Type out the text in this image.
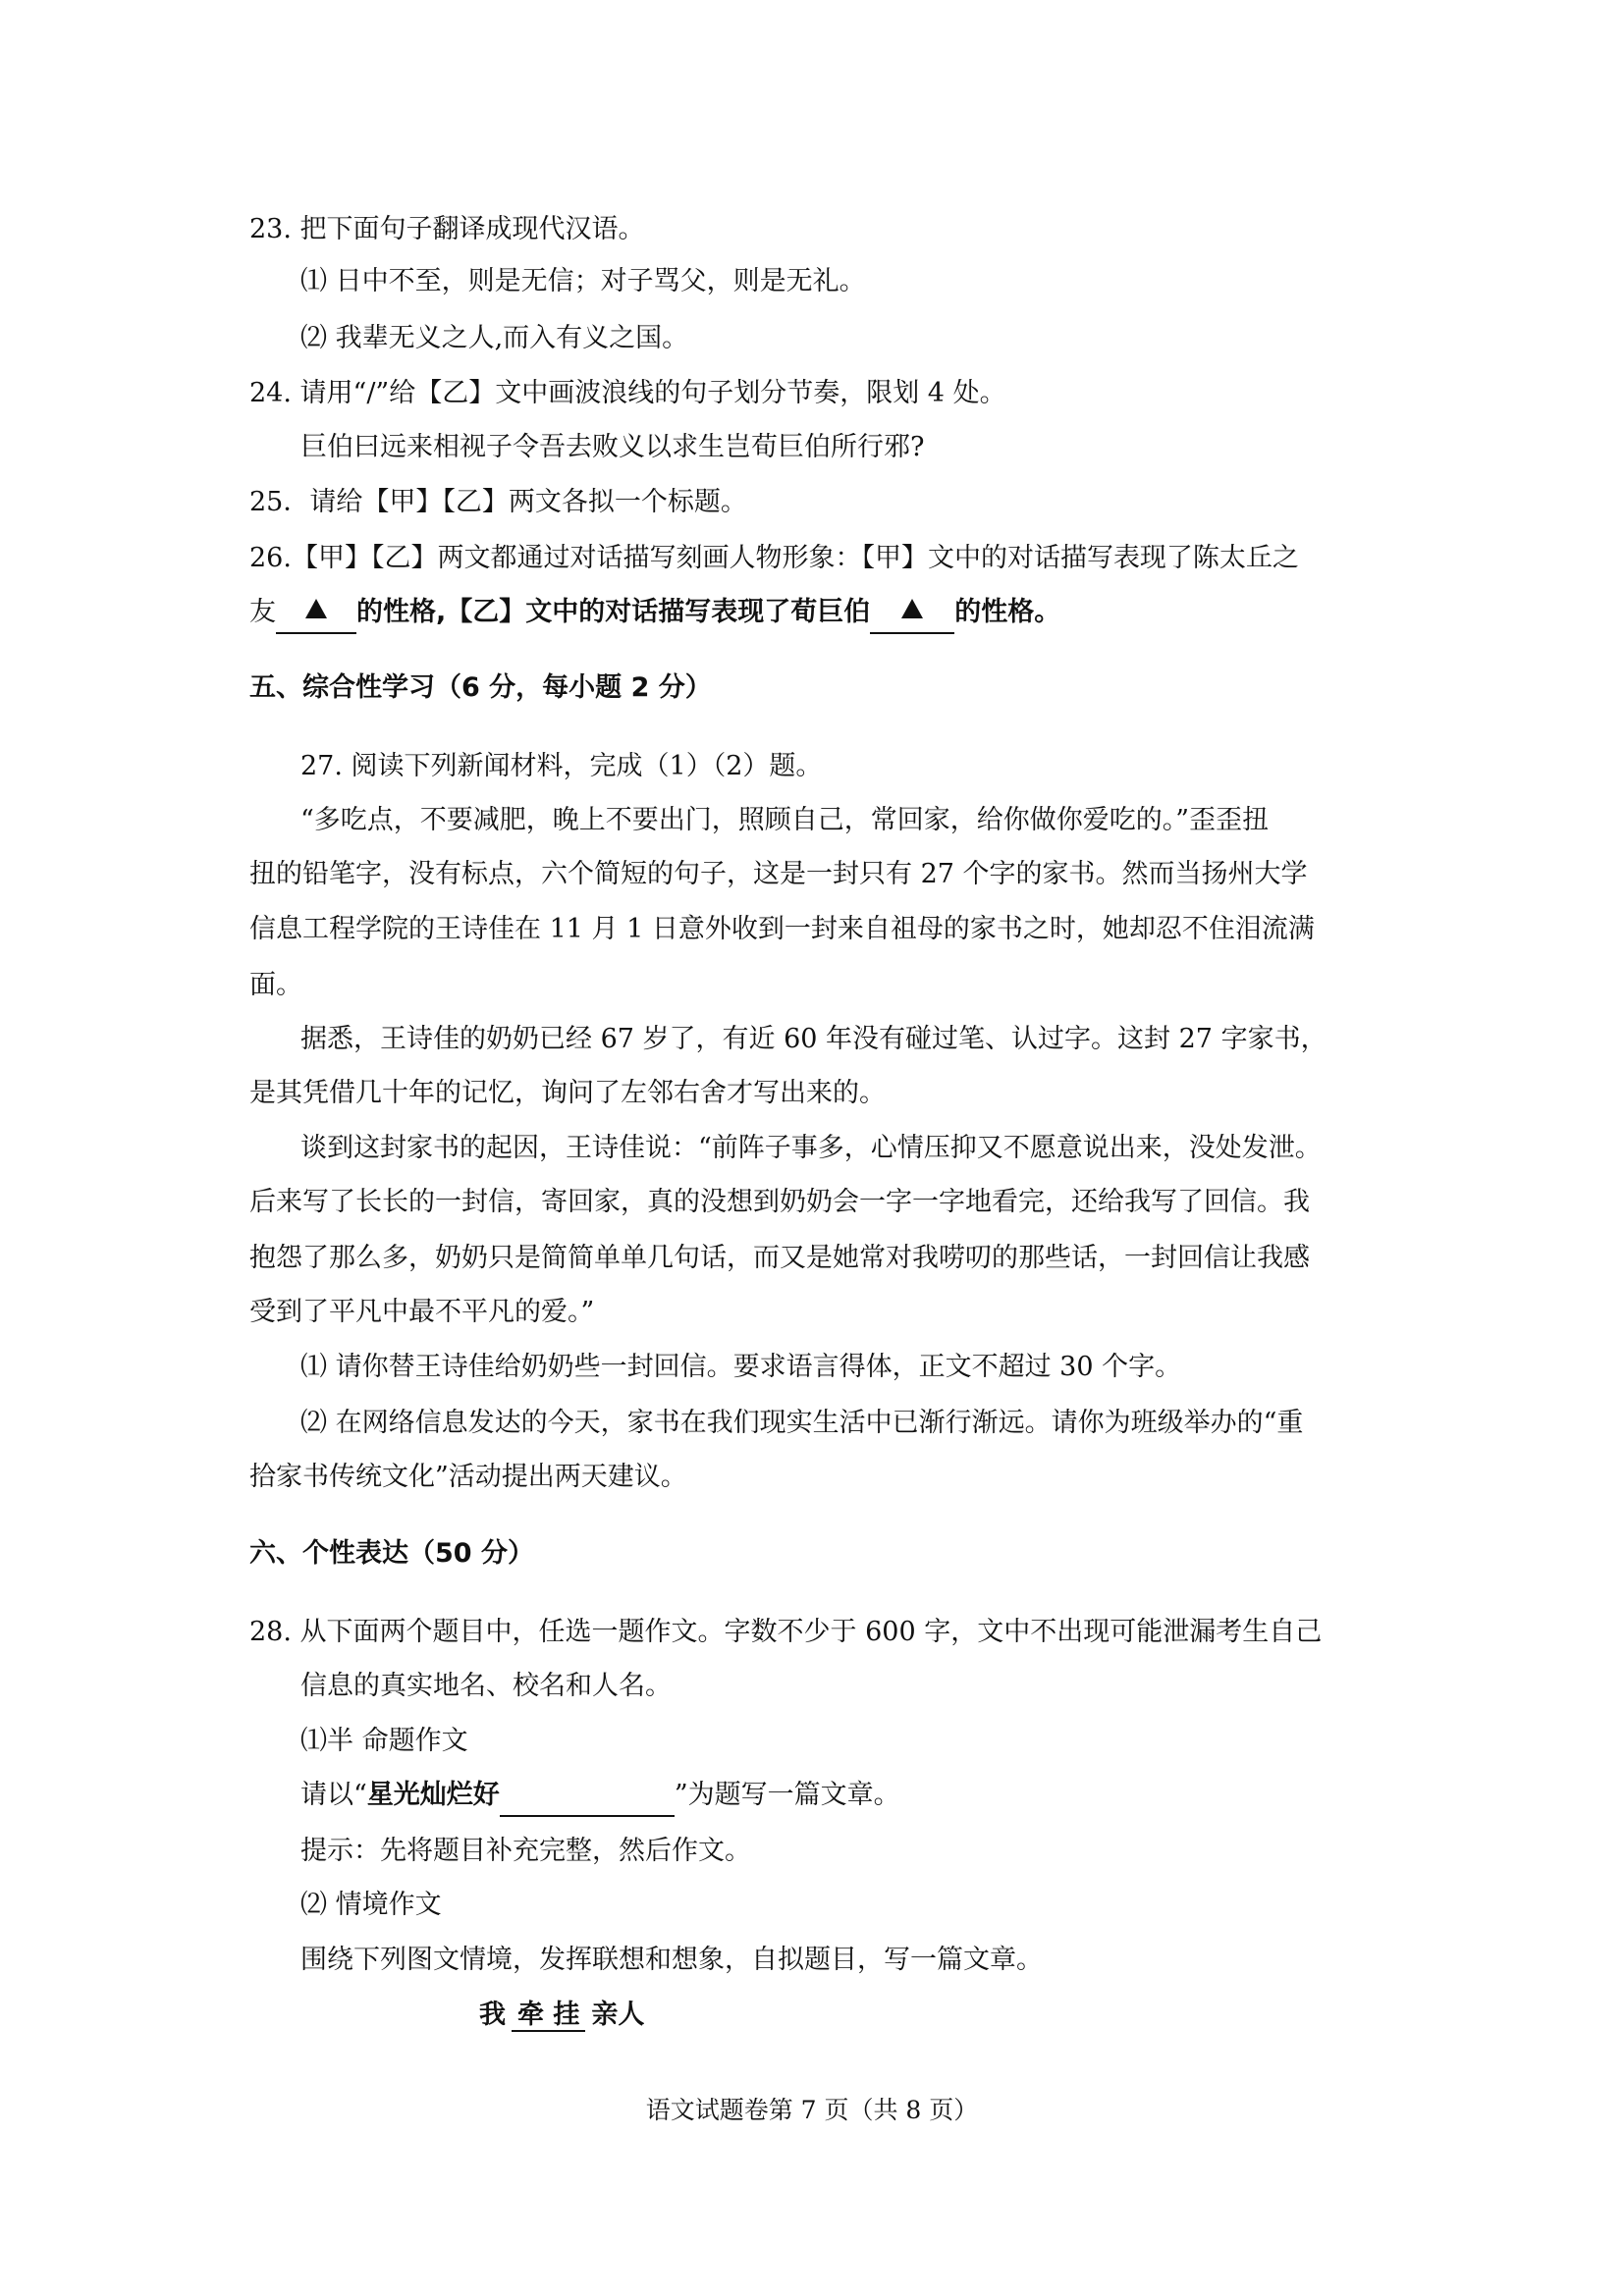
23. 把下面句子翻译成现代汉语。
⑴ 日中不至，则是无信；对子骂父，则是无礼。
⑵ 我辈无义之人,而入有义之国。
24. 请用“/”给【乙】文中画波浪线的句子划分节奏，限划 4 处。
巨伯曰远来相视子令吾去败义以求生岂荀巨伯所行邪?
25．请给【甲】【乙】两文各拟一个标题。
26.【甲】【乙】两文都通过对话描写刻画人物形象：【甲】文中的对话描写表现了陈太丘之
友	的性格,【乙】文中的对话描写表现了荀巨伯	的性格。
五、综合性学习（6 分，每小题 2 分）
27. 阅读下列新闻材料，完成（1）（2）题。
“多吃点，不要减肥，晚上不要出门，照顾自己，常回家，给你做你爱吃的。”歪歪扭
扭的铅笔字，没有标点，六个简短的句子，这是一封只有 27 个字的家书。然而当扬州大学
信息工程学院的王诗佳在 11 月 1 日意外收到一封来自祖母的家书之时，她却忍不住泪流满
面。
据悉，王诗佳的奶奶已经 67 岁了，有近 60 年没有碰过笔、认过字。这封 27 字家书，
是其凭借几十年的记忆，询问了左邻右舍才写出来的。
谈到这封家书的起因，王诗佳说：“前阵子事多，心情压抑又不愿意说出来，没处发泄。
后来写了长长的一封信，寄回家，真的没想到奶奶会一字一字地看完，还给我写了回信。我
抱怨了那么多，奶奶只是简简单单几句话，而又是她常对我唠叨的那些话，一封回信让我感
受到了平凡中最不平凡的爱。”
⑴ 请你替王诗佳给奶奶些一封回信。要求语言得体，正文不超过 30 个字。
⑵ 在网络信息发达的今天，家书在我们现实生活中已渐行渐远。请你为班级举办的“重
拾家书传统文化”活动提出两天建议。
六、个性表达（50 分）
28. 从下面两个题目中，任选一题作文。字数不少于 600 字，文中不出现可能泄漏考生自己
信息的真实地名、校名和人名。
⑴半 命题作文
请以“星光灿烂好	”为题写一篇文章。
提示：先将题目补充完整，然后作文。
⑵ 情境作文
围绕下列图文情境，发挥联想和想象，自拟题目，写一篇文章。
我 牵 挂 亲人
语文试题卷第 7 页（共 8 页）
